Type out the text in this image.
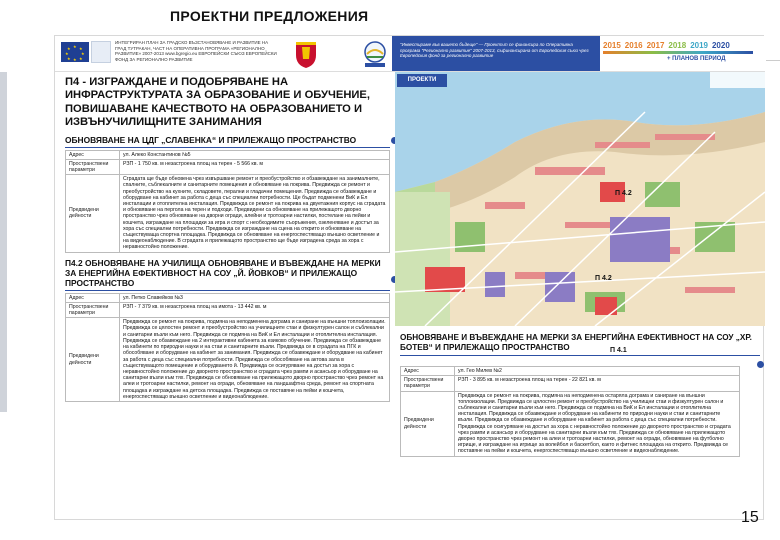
ПРОЕКТНИ ПРЕДЛОЖЕНИЯ
★ ★
★
★
★
★
★
★
ИНТЕГРИРАН ПЛАН ЗА ГРАДСКО ВЪЗСТАНОВЯВАНЕ И РАЗВИТИЕ НА ГРАД ТУТРАКАН, ЧАСТ НА ОПЕРАТИВНА ПРОГРАМА «РЕГИОНАЛНО РАЗВИТИЕ» 2007-2013 www.bgregio.eu ЕВРОПЕЙСКИ СЪЮЗ ЕВРОПЕЙСКИ ФОНД ЗА РЕГИОНАЛНО РАЗВИТИЕ
"Инвестираме във вашето бъдеще" — Проектът се финансира по Оперативна програма "Регионално развитие" 2007-2013, съфинансирана от Европейския съюз чрез Европейския фонд за регионално развитие
2015 2016 2017 2018 2019 2020
+ ПЛАНОВ ПЕРИОД
П4 - ИЗГРАЖДАНЕ И ПОДОБРЯВАНЕ НА ИНФРАСТРУКТУРАТА ЗА ОБРАЗОВАНИЕ И ОБУЧЕНИЕ, ПОВИШАВАНЕ КАЧЕСТВОТО НА ОБРАЗОВАНИЕТО И ИЗВЪНУЧИЛИЩНИТЕ ЗАНИМАНИЯ
ОБНОВЯВАНЕ НА ЦДГ „СЛАВЕНКА“ И ПРИЛЕЖАЩО ПРОСТРАНСТВО
Адрес	ул. Алеко Константинов №5
Пространствени параметри	РЗП - 1 750 кв. м незастроена площ на терен - 5 566 кв. м
Предвидени дейности	Сградата ще бъде обновена чрез извършване ремонт и преобустройство и обзавеждане на занималните, спалните, съблекалните и санитарните помещения и обновяване на покрива. Предвижда се ремонт и преобустройство на кухните, складовете, перални и гладачни помещения. Предвижда се обзавеждане и оборудване на кабинет за работа с деца със специални потребности. Ще бъдат подменени ВиК и Ел инсталации и отоплителна инсталация. Предвижда се ремонт на покрива на двуетажния корпус на сградата и обновяване на пергола на терен и подходи. Предвидени са обновяване на прилежащото дворно пространство чрез обновяване на дворни огради, алейни и тротоарни настилки, постелане на пейки и кошчета, изграждане на площадки за игра и спорт с необходимите съоръжения, озеленяване и достъп за хора със специални потребности. Предвижда се изграждане на сцена на открито и обновяване на съществуваща спортна площадка. Предвижда се обновяване на енергоспестяващо външно осветление и на видеонаблюдение. В сградата и прилежащото пространство ще бъде изградена среда за хора с неравностойно положение.
П4.2 ОБНОВЯВАНЕ НА УЧИЛИЩА ОБНОВЯВАНЕ И ВЪВЕЖДАНЕ НА МЕРКИ ЗА ЕНЕРГИЙНА ЕФЕКТИВНОСТ НА СОУ „Й. ЙОВКОВ“ И ПРИЛЕЖАЩО ПРОСТРАНСТВО
Адрес	ул. Петко Славейков №3
Пространствени параметри	РЗП - 7 379 кв. м незастроена площ на имота - 13 442 кв. м
Предвидени дейности	Предвижда се ремонт на покрива, подмяна на неподменена дограма и саниране на външни топлоизолации. Предвижда се цялостен ремонт и преобустройство на училищните стаи и физкултурен салон и съблекални и санитарни възли към него. Предвижда се подмяна на ВиК и Ел инсталации и отоплителна инсталация. Предвижда се обзавеждане на 2 интерактивни кабинета за езиково обучение. Предвижда се обзавеждане на кабинети по природни науки и на стаи и санитарните възли. Предвижда се в сградата на ПГК и обособяване и оборудване на кабинет за занимания. Предвижда се обзавеждане и оборудване на кабинет за работа с деца със специални потребности. Предвижда се обособяване на актова зала в съществуващото помещение и оборудването й. Предвижда се осигуряване на достъп за хора с неравностойно положение до дворното пространство и сградата чрез рампи и асансьор и оборудване на санитарни възли към тях. Предвижда се обновяване на прилежащото дворно пространство чрез ремонт на алеи и тротоарни настилки, ремонт на огради, обновяване на ландшафтна среда, ремонт на спортната площадка и изграждане на детска площадка. Предвижда се поставяне на пейки и кошчета, енергоспестяващо външно осветление и видеонаблюдение.
П 4.2
П 4.2
П 4.1
ПРОЕКТИ
ОБНОВЯВАНЕ И ВЪВЕЖДАНЕ НА МЕРКИ ЗА ЕНЕРГИЙНА ЕФЕКТИВНОСТ НА СОУ „ХР. БОТЕВ“ И ПРИЛЕЖАЩО ПРОСТРАНСТВО
Адрес	ул. Гео Милев №2
Пространствени параметри	РЗП - 3 895 кв. м незастроена площ на терен - 22 821 кв. м
Предвидени дейности	Предвижда се ремонт на покрива, подмяна на неподменена остаряла дограма и саниране на външни топлоизолации. Предвижда се цялостен ремонт и преобустройство на училищни стаи и физкултурен салон и съблекални и санитарни възли към него. Предвижда се подмяна на ВиК и Ел инсталации и отоплителна инсталация. Предвижда се обзавеждане и оборудване на кабинети по природни науки и стаи и санитарните възли. Предвижда се обзавеждане и оборудване на кабинет за работа с деца със специални потребности. Предвижда се осигуряване на достъп за хора с неравностойно положение до дворното пространство и сградата чрез рампи и асансьор и оборудване на санитарни възли към тях. Предвижда се обновяване на прилежащото дворно пространство чрез ремонт на алеи и тротоарни настилки, ремонт на огради, обновяване на футболно игрище, и изграждане на игрище за волейбол и баскетбол, както и фитнес площадка на открито. Предвижда се поставяне на пейки и кошчета, енергоспестяващо външно осветление и видеонаблюдение.
15
